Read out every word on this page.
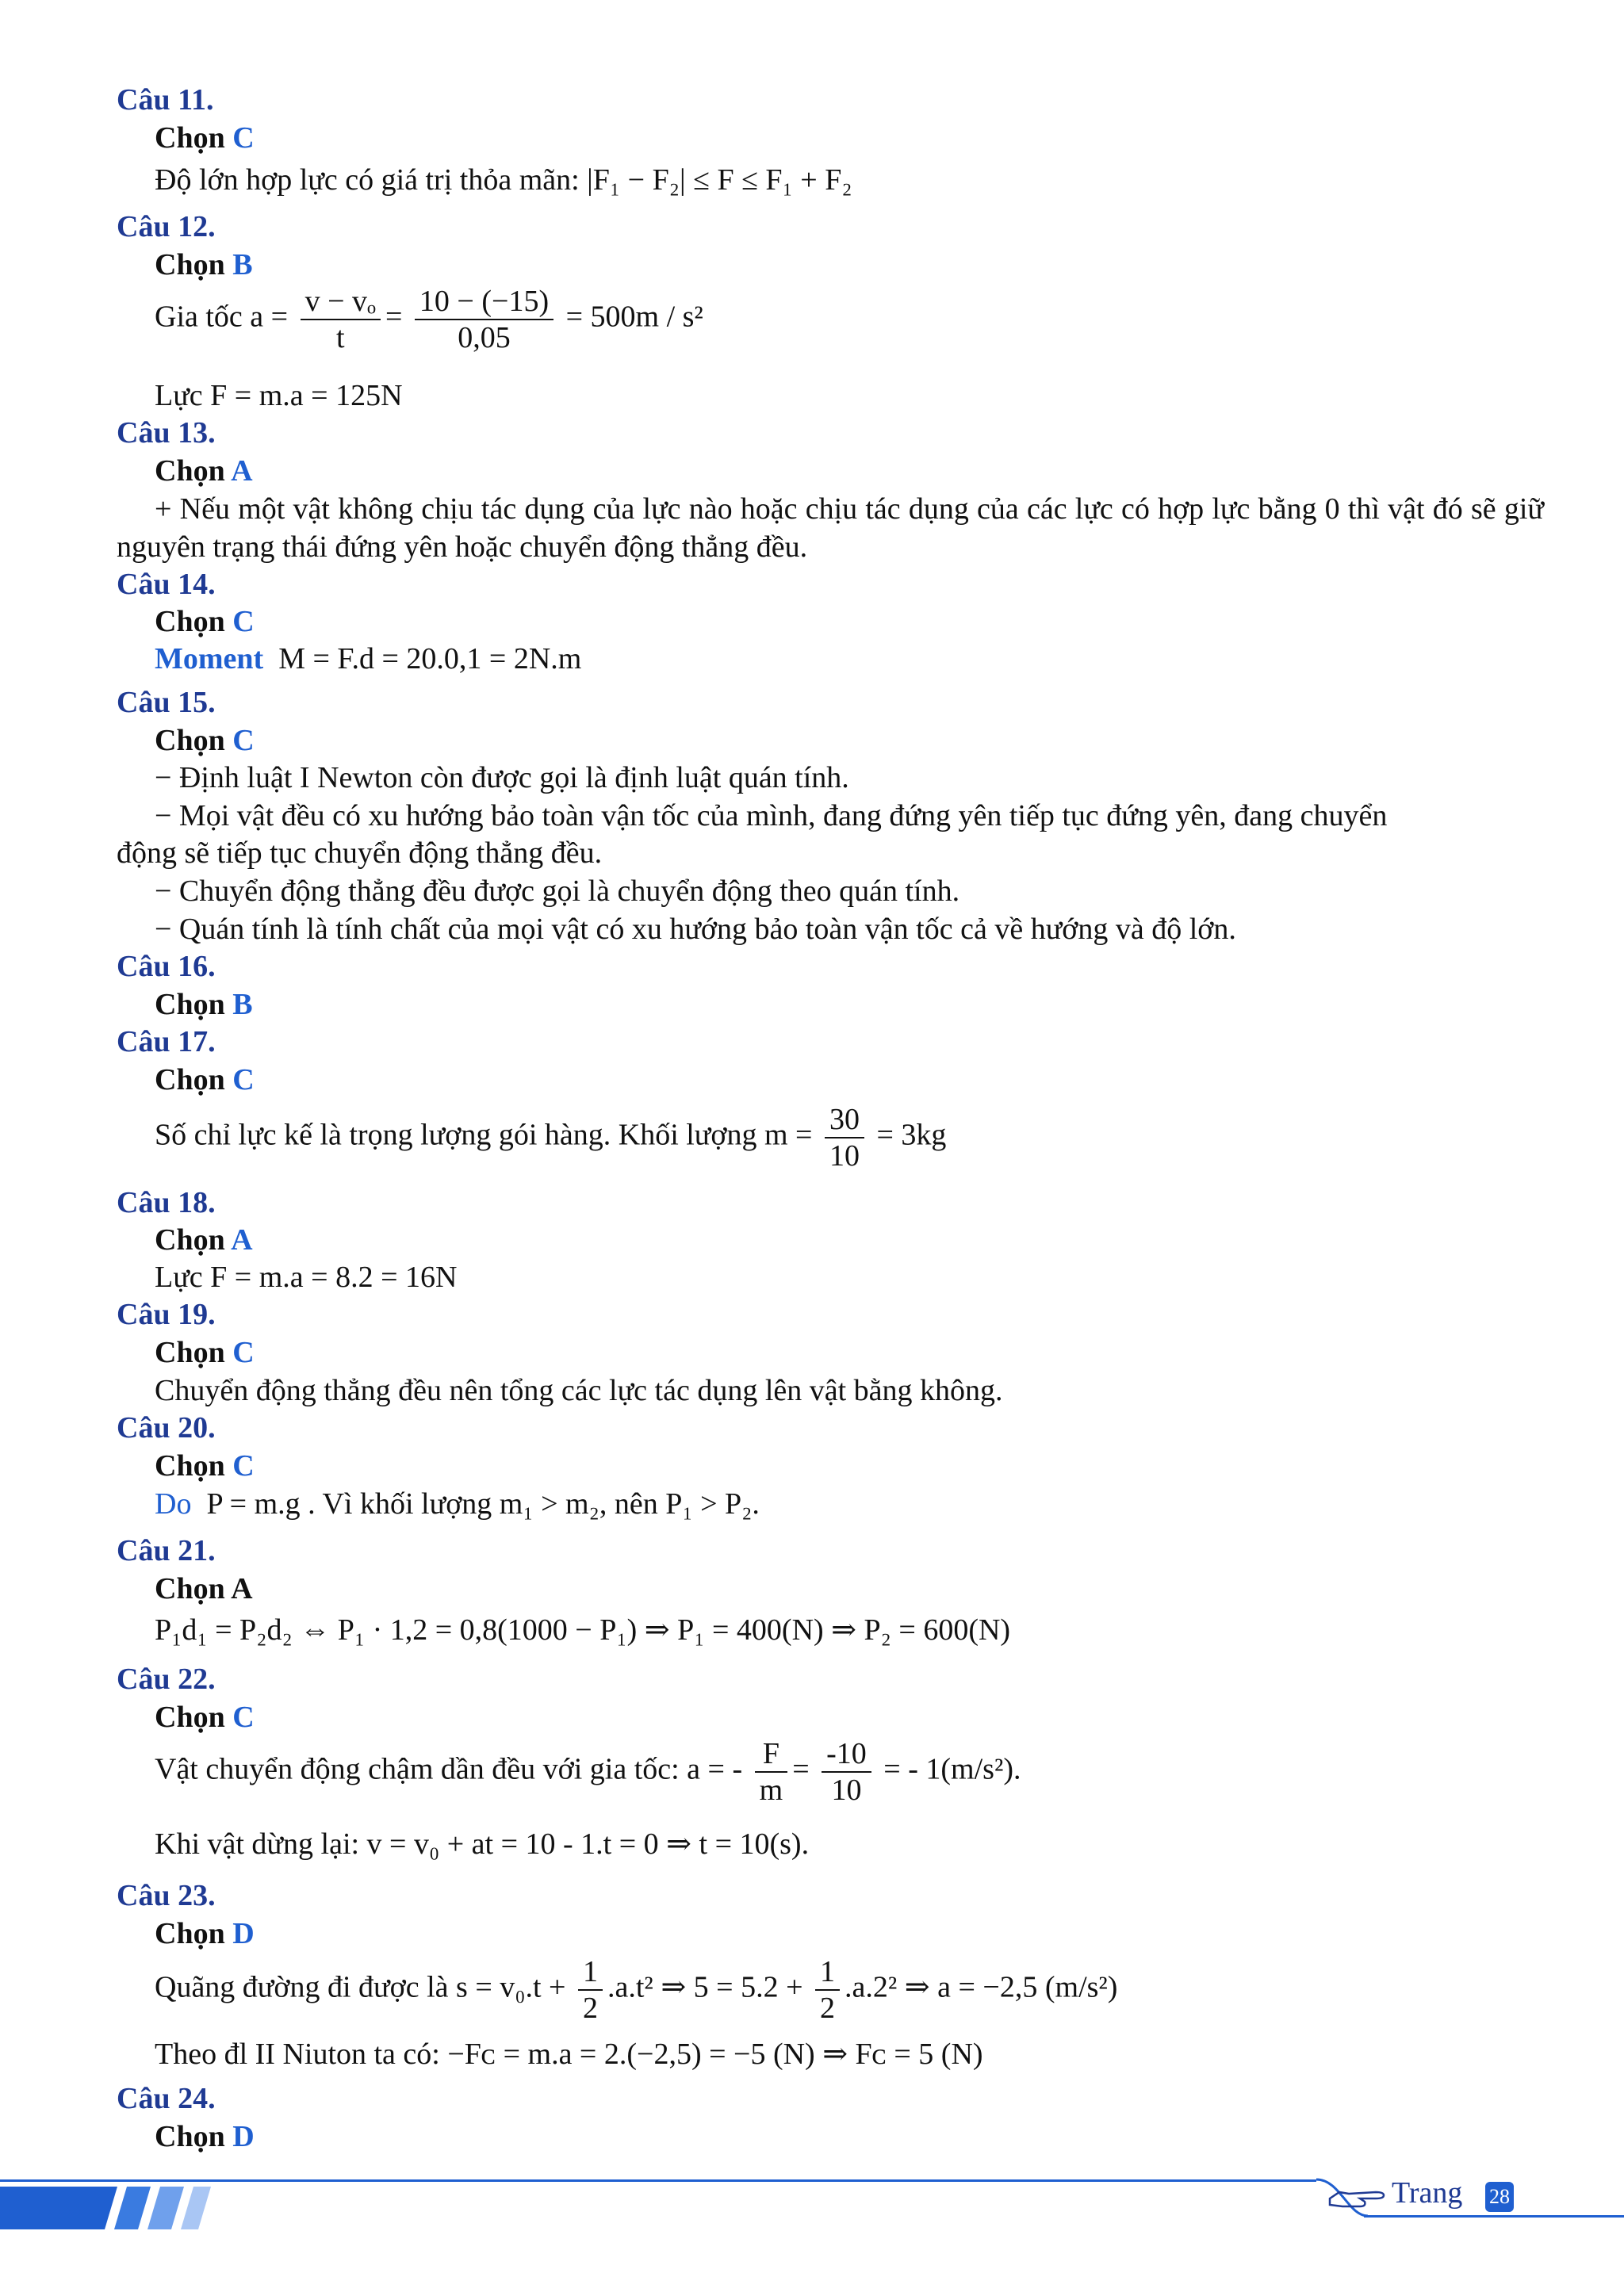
Câu 11.
Chọn C
Độ lớn hợp lực có giá trị thỏa mãn: |F₁ − F₂| ≤ F ≤ F₁ + F₂
Câu 12.
Chọn B
Gia tốc $a = \frac{\text{v − vₒ}}{t} = \frac{10 - (-15)}{0,05} = 500m / s^2$
Lực F = m.a = 125N
Câu 13.
Chọn A
+ Nếu một vật không chịu tác dụng của lực nào hoặc chịu tác dụng của các lực có hợp lực bằng 0 thì vật đó sẽ giữ nguyên trạng thái đứng yên hoặc chuyển động thẳng đều.
Câu 14.
Chọn C
Moment M = F.d = 20.0,1 = 2N.m
Câu 15.
Chọn C
− Định luật I Newton còn được gọi là định luật quán tính.
− Mọi vật đều có xu hướng bảo toàn vận tốc của mình, đang đứng yên tiếp tục đứng yên, đang chuyển
động sẽ tiếp tục chuyển động thẳng đều.
− Chuyển động thẳng đều được gọi là chuyển động theo quán tính.
− Quán tính là tính chất của mọi vật có xu hướng bảo toàn vận tốc cả về hướng và độ lớn.
Câu 16.
Chọn B
Câu 17.
Chọn C
Số chỉ lực kế là trọng lượng gói hàng. Khối lượng $m = \frac{30}{10} = 3kg$
Câu 18.
Chọn A
Lực F = m.a = 8.2 = 16N
Câu 19.
Chọn C
Chuyển động thẳng đều nên tổng các lực tác dụng lên vật bằng không.
Câu 20.
Chọn C
Do P = m.g . Vì khối lượng m₁ > m₂, nên P₁ > P₂.
Câu 21.
Chọn A
P₁d₁ = P₂d₂ ⇔ P₁ · 1,2 = 0,8(1000 − P₁) ⇒ P₁ = 400(N) ⇒ P₂ = 600(N)
Câu 22.
Chọn C
Vật chuyển động chậm dần đều với gia tốc: a = - $\frac{F}{m} = \frac{-10}{10}$ = - 1(m/s²).
Khi vật dừng lại: v = v₀ + at = 10 - 1.t = 0 ⇒ t = 10(s).
Câu 23.
Chọn D
Quãng đường đi được là $s = v_0.t + \frac{1}{2} .a.t^2$ ⇒ $5 = 5.2 + \frac{1}{2} .a.2^2$ ⇒ a = −2,5 (m/s²)
Theo đl II Niuton ta có: −Fᴄ = m.a = 2.(−2,5) = −5 (N) ⇒ Fᴄ = 5 (N)
Câu 24.
Chọn D
Trang 28
